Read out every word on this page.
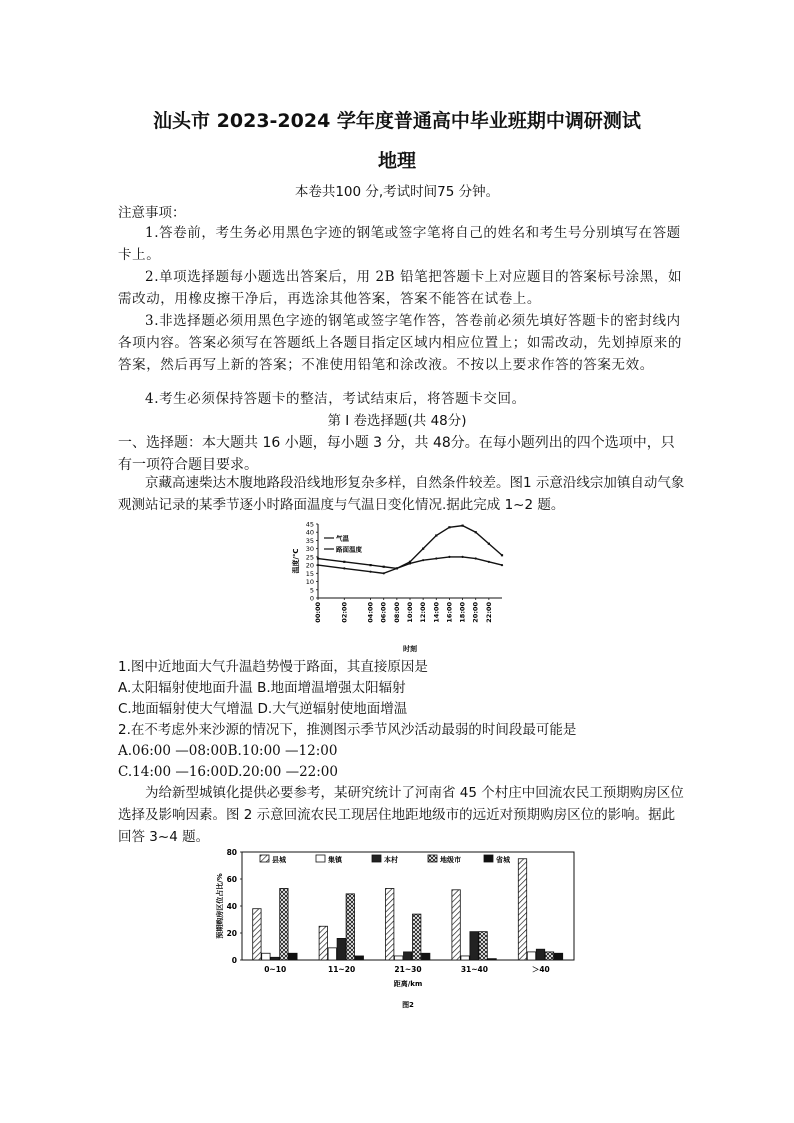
汕头市 2023-2024 学年度普通高中毕业班期中调研测试
地理
本卷共100 分,考试时间75 分钟。
注意事项：
1.答卷前，考生务必用黑色字迹的钢笔或签字笔将自己的姓名和考生号分别填写在答题卡上。
2.单项选择题每小题选出答案后，用 2B 铅笔把答题卡上对应题目的答案标号涂黑，如需改动，用橡皮擦干净后，再选涂其他答案，答案不能答在试卷上。
3.非选择题必须用黑色字迹的钢笔或签字笔作答，答卷前必须先填好答题卡的密封线内各项内容。答案必须写在答题纸上各题目指定区域内相应位置上；如需改动，先划掉原来的答案，然后再写上新的答案；不准使用铅笔和涂改液。不按以上要求作答的答案无效。
4.考生必须保持答题卡的整洁，考试结束后，将答题卡交回。
第 I 卷选择题(共 48分)
一、选择题：本大题共 16 小题，每小题 3 分，共 48分。在每小题列出的四个选项中，只有一项符合题目要求。
京藏高速柴达木腹地路段沿线地形复杂多样，自然条件较差。图1 示意沿线宗加镇自动气象观测站记录的某季节逐小时路面温度与气温日变化情况.据此完成 1~2 题。
0
5
10
15
20
25
30
35
40
45
00:00	02:00	04:00 06:00 08:00 10:00 12:00 14:00 16:00 18:00 20:00 22:00
温度/℃
时刻
气温
路面温度
1.图中近地面大气升温趋势慢于路面，其直接原因是
A.太阳辐射使地面升温 B.地面增温增强太阳辐射
C.地面辐射使大气增温 D.大气逆辐射使地面增温
2.在不考虑外来沙源的情况下，推测图示季节风沙活动最弱的时间段最可能是
A.06:00 —08:00B.10:00 —12:00
C.14:00 —16:00D.20:00 —22:00
为给新型城镇化提供必要参考，某研究统计了河南省 45 个村庄中回流农民工预期购房区位选择及影响因素。图 2 示意回流农民工现居住地距地级市的远近对预期购房区位的影响。据此回答 3~4 题。
0
20
40
60
80
0~10	11~20	21~30	31~40	＞40
县城	集镇	本村	地级市	省城
预期购房区位占比/%
距离/km
图2
